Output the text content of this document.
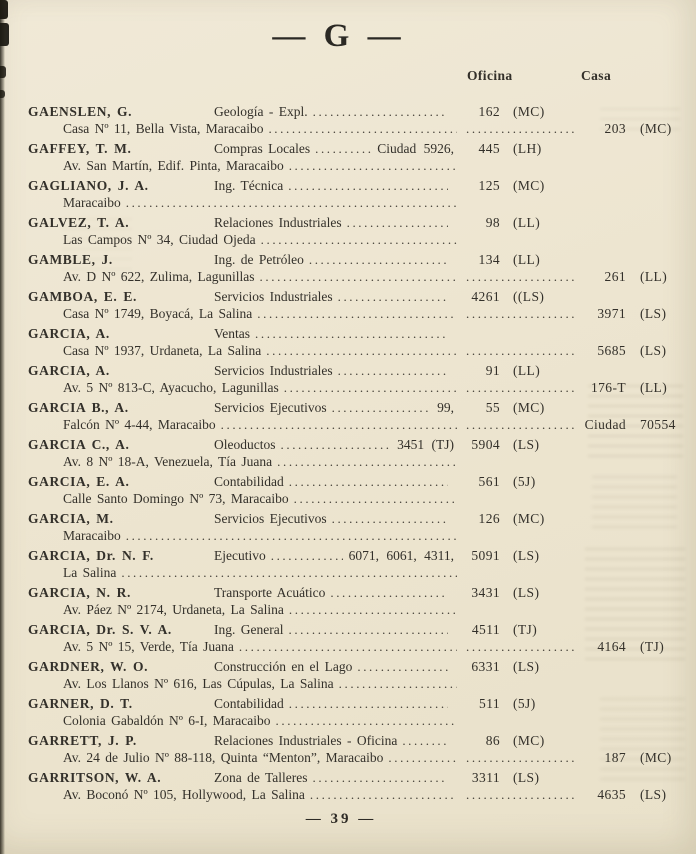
— G —
Oficina	Casa
GAENSLEN, G.	Geología - Expl. .....	162 (MC)
Casa Nº 11, Bella Vista, Maracaibo ..... .....	203	(MC)
GAFFEY, T. M.	Compras Locales .....	Ciudad 5926,	445 (LH)
Av. San Martín, Edif. Pinta, Maracaibo
.....
GAGLIANO, J. A.	Ing. Técnica .....	125 (MC)
Maracaibo
.....
GALVEZ, T. A.	Relaciones Industriales .....	98 (LL)
Las Campos Nº 34, Ciudad Ojeda
.....
GAMBLE, J.	Ing. de Petróleo .....	134 (LL)
Av. D Nº 622, Zulima, Lagunillas ..... .....	261	(LL)
GAMBOA, E. E.	Servicios Industriales .....	4261 ((LS)
Casa Nº 1749, Boyacá, La Salina ..... .....	3971	(LS)
GARCIA, A.	Ventas
.....
Casa Nº 1937, Urdaneta, La Salina ..... .....	5685	(LS)
GARCIA, A.	Servicios Industriales .....	91 (LL)
Av. 5 Nº 813-C, Ayacucho, Lagunillas ..... .....	176-T	(LL)
GARCIA B., A.	Servicios Ejecutivos .....	99,	55 (MC)
Falcón Nº 4-44, Maracaibo ..... .....	Ciudad	70554
GARCIA C., A.	Oleoductos .....	3451 (TJ)	5904 (LS)
Av. 8 Nº 18-A, Venezuela, Tía Juana
.....
GARCIA, E. A.	Contabilidad .....	561 (5J)
Calle Santo Domingo Nº 73, Maracaibo
.....
GARCIA, M.	Servicios Ejecutivos .....	126 (MC)
Maracaibo
.....
GARCIA, Dr. N. F.	Ejecutivo .....	6071, 6061, 4311,	5091 (LS)
La Salina
.....
GARCIA, N. R.	Transporte Acuático .....	3431 (LS)
Av. Páez Nº 2174, Urdaneta, La Salina
.....
GARCIA, Dr. S. V. A.	Ing. General .....	4511 (TJ)
Av. 5 Nº 15, Verde, Tía Juana ..... .....	4164	(TJ)
GARDNER, W. O.	Construcción en el Lago .....	6331 (LS)
Av. Los Llanos Nº 616, Las Cúpulas, La Salina
.....
GARNER, D. T.	Contabilidad .....	511 (5J)
Colonia Gabaldón Nº 6-I, Maracaibo
.....
GARRETT, J. P.	Relaciones Industriales - Oficina .....	86 (MC)
Av. 24 de Julio Nº 88-118, Quinta “Menton”, Maracaibo ..... .....	187	(MC)
GARRITSON, W. A.	Zona de Talleres .....	3311 (LS)
Av. Boconó Nº 105, Hollywood, La Salina ..... .....	4635	(LS)
— 39 —
